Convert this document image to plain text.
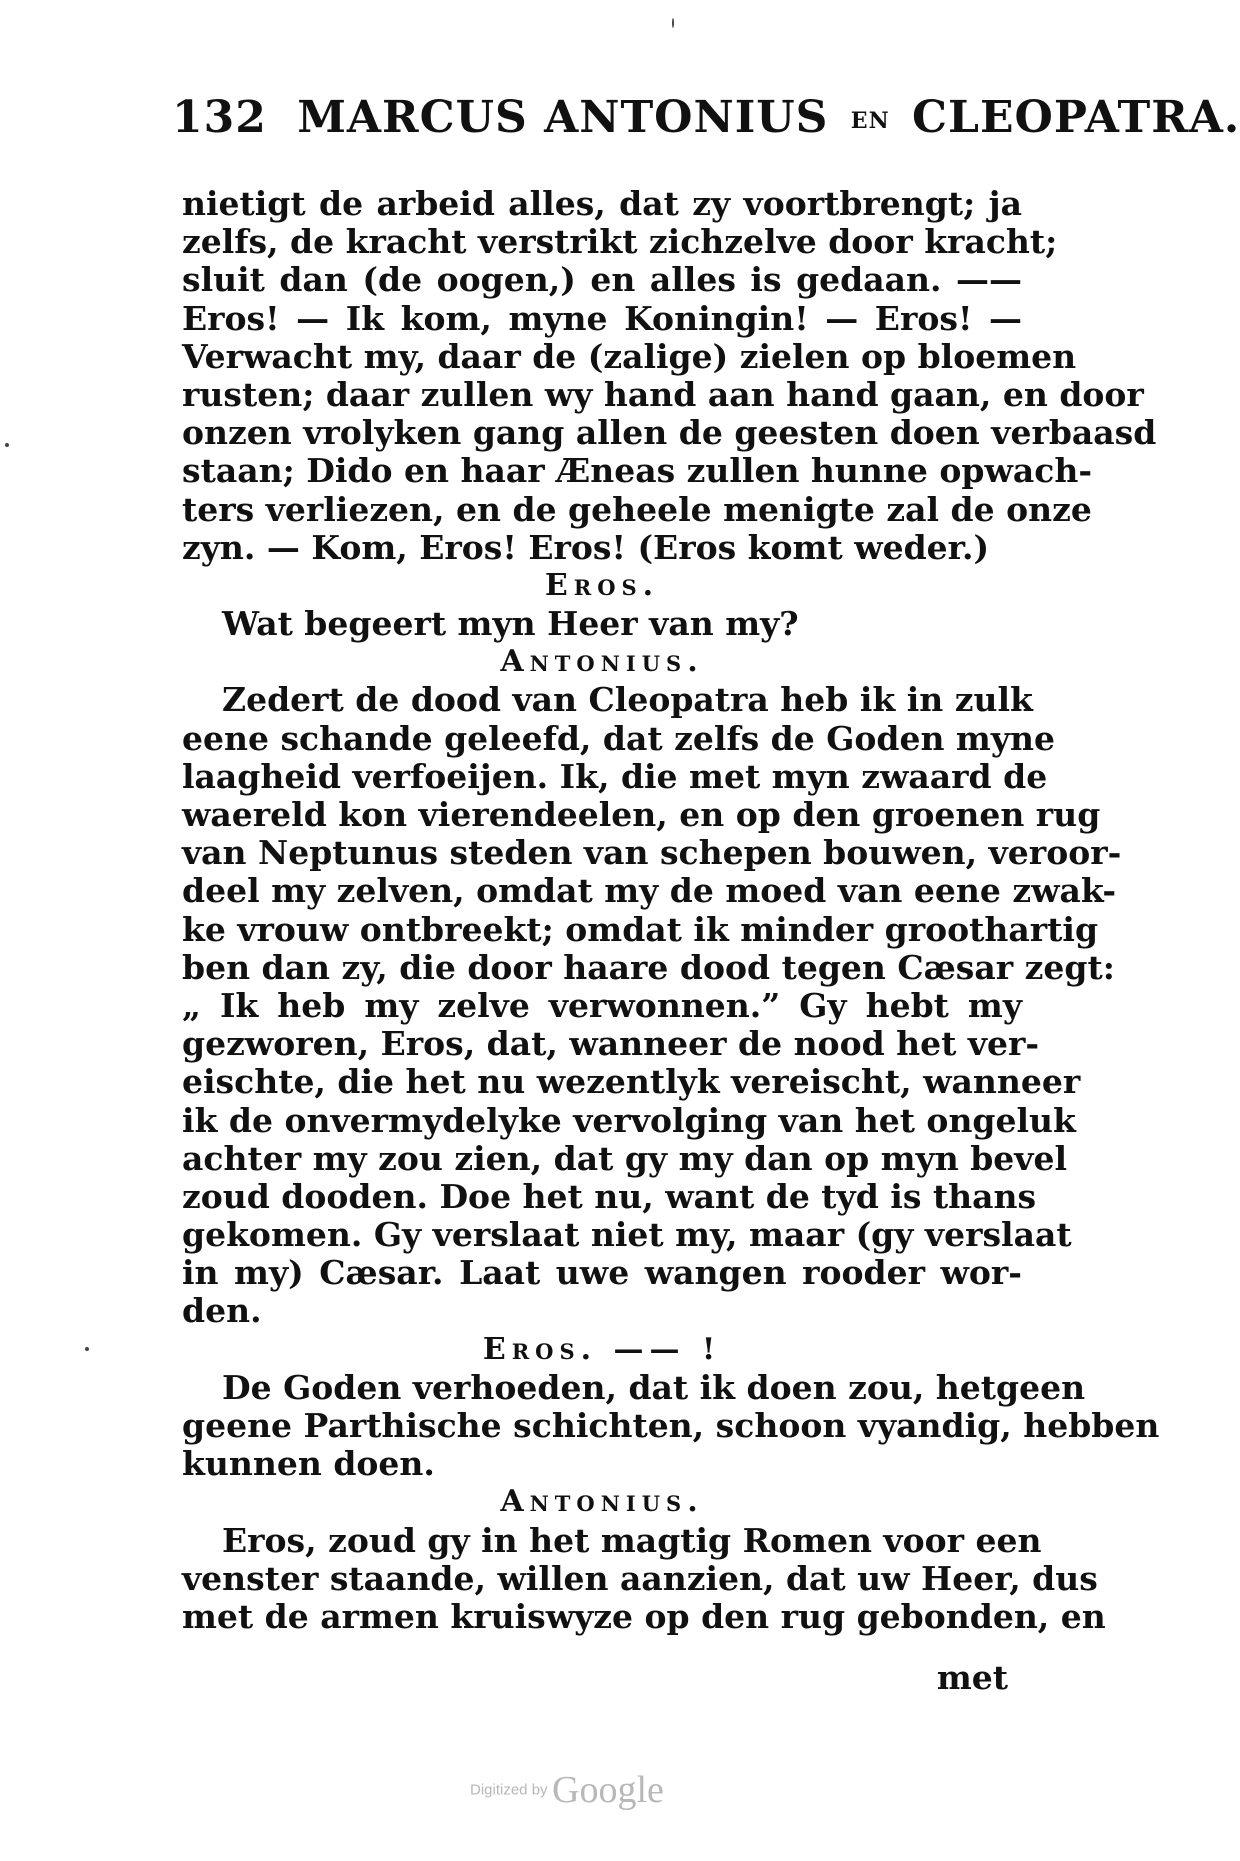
132 MARCUS ANTONIUS EN CLEOPATRA.
nietigt de arbeid alles, dat zy voortbrengt; ja
zelfs, de kracht verstrikt zichzelve door kracht;
sluit dan (de oogen,) en alles is gedaan. ——
Eros! — Ik kom, myne Koningin! — Eros! —
Verwacht my, daar de (zalige) zielen op bloemen
rusten; daar zullen wy hand aan hand gaan, en door
onzen vrolyken gang allen de geesten doen verbaasd
staan; Dido en haar Æneas zullen hunne opwach-
ters verliezen, en de geheele menigte zal de onze
zyn. — Kom, Eros! Eros! (Eros komt weder.)
Eros.
Wat begeert myn Heer van my?
Antonius.
Zedert de dood van Cleopatra heb ik in zulk
eene schande geleefd, dat zelfs de Goden myne
laagheid verfoeijen. Ik, die met myn zwaard de
waereld kon vierendeelen, en op den groenen rug
van Neptunus steden van schepen bouwen, veroor-
deel my zelven, omdat my de moed van eene zwak-
ke vrouw ontbreekt; omdat ik minder groothartig
ben dan zy, die door haare dood tegen Cæsar zegt:
„ Ik heb my zelve verwonnen.” Gy hebt my
gezworen, Eros, dat, wanneer de nood het ver-
eischte, die het nu wezentlyk vereischt, wanneer
ik de onvermydelyke vervolging van het ongeluk
achter my zou zien, dat gy my dan op myn bevel
zoud dooden. Doe het nu, want de tyd is thans
gekomen. Gy verslaat niet my, maar (gy verslaat
in my) Cæsar. Laat uwe wangen rooder wor-
den.
Eros. —— !
De Goden verhoeden, dat ik doen zou, hetgeen
geene Parthische schichten, schoon vyandig, hebben
kunnen doen.
Antonius.
Eros, zoud gy in het magtig Romen voor een
venster staande, willen aanzien, dat uw Heer, dus
met de armen kruiswyze op den rug gebonden, en
met
Digitized by Google
